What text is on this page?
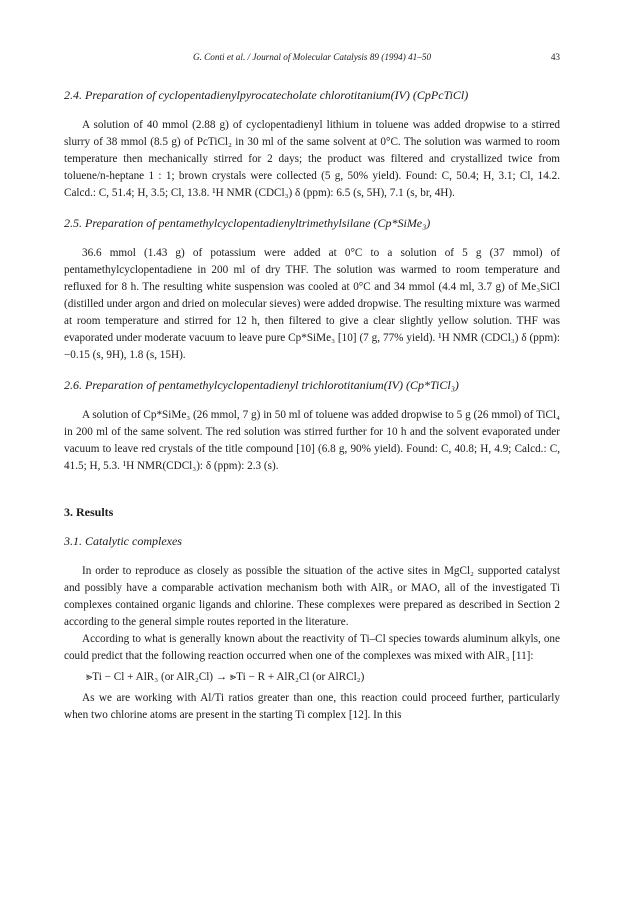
G. Conti et al. / Journal of Molecular Catalysis 89 (1994) 41–50	43
2.4. Preparation of cyclopentadienylpyrocatecholate chlorotitanium(IV) (CpPcTiCl)

A solution of 40 mmol (2.88 g) of cyclopentadienyl lithium in toluene was added dropwise to a stirred slurry of 38 mmol (8.5 g) of PcTiCl₂ in 30 ml of the same solvent at 0°C. The solution was warmed to room temperature then mechanically stirred for 2 days; the product was filtered and crystallized twice from toluene/n-heptane 1 : 1; brown crystals were collected (5 g, 50% yield). Found: C, 50.4; H, 3.1; Cl, 14.2. Calcd.: C, 51.4; H, 3.5; Cl, 13.8. ¹H NMR (CDCl₃) δ (ppm): 6.5 (s, 5H), 7.1 (s, br, 4H).

2.5. Preparation of pentamethylcyclopentadienyltrimethylsilane (Cp*SiMe₃)

36.6 mmol (1.43 g) of potassium were added at 0°C to a solution of 5 g (37 mmol) of pentamethylcyclopentadiene in 200 ml of dry THF. The solution was warmed to room temperature and refluxed for 8 h. The resulting white suspension was cooled at 0°C and 34 mmol (4.4 ml, 3.7 g) of Me₃SiCl (distilled under argon and dried on molecular sieves) were added dropwise. The resulting mixture was warmed at room temperature and stirred for 12 h, then filtered to give a clear slightly yellow solution. THF was evaporated under moderate vacuum to leave pure Cp*SiMe₃ [10] (7 g, 77% yield). ¹H NMR (CDCl₃) δ (ppm): −0.15 (s, 9H), 1.8 (s, 15H).

2.6. Preparation of pentamethylcyclopentadienyl trichlorotitanium(IV) (Cp*TiCl₃)

A solution of Cp*SiMe₃ (26 mmol, 7 g) in 50 ml of toluene was added dropwise to 5 g (26 mmol) of TiCl₄ in 200 ml of the same solvent. The red solution was stirred further for 10 h and the solvent evaporated under vacuum to leave red crystals of the title compound [10] (6.8 g, 90% yield). Found: C, 40.8; H, 4.9; Calcd.: C, 41.5; H, 5.3. ¹H NMR(CDCl₃): δ (ppm): 2.3 (s).

3. Results
3.1. Catalytic complexes

In order to reproduce as closely as possible the situation of the active sites in MgCl₂ supported catalyst and possibly have a comparable activation mechanism both with AlR₃ or MAO, all of the investigated Ti complexes contained organic ligands and chlorine. These complexes were prepared as described in Section 2 according to the general simple routes reported in the literature.

According to what is generally known about the reactivity of Ti–Cl species towards aluminum alkyls, one could predict that the following reaction occurred when one of the complexes was mixed with AlR₃ [11]:

⪢Ti − Cl + AlR₃ (or AlR₂Cl) → ⪢Ti − R + AlR₂Cl (or AlRCl₂)

As we are working with Al/Ti ratios greater than one, this reaction could proceed further, particularly when two chlorine atoms are present in the starting Ti complex [12]. In this
